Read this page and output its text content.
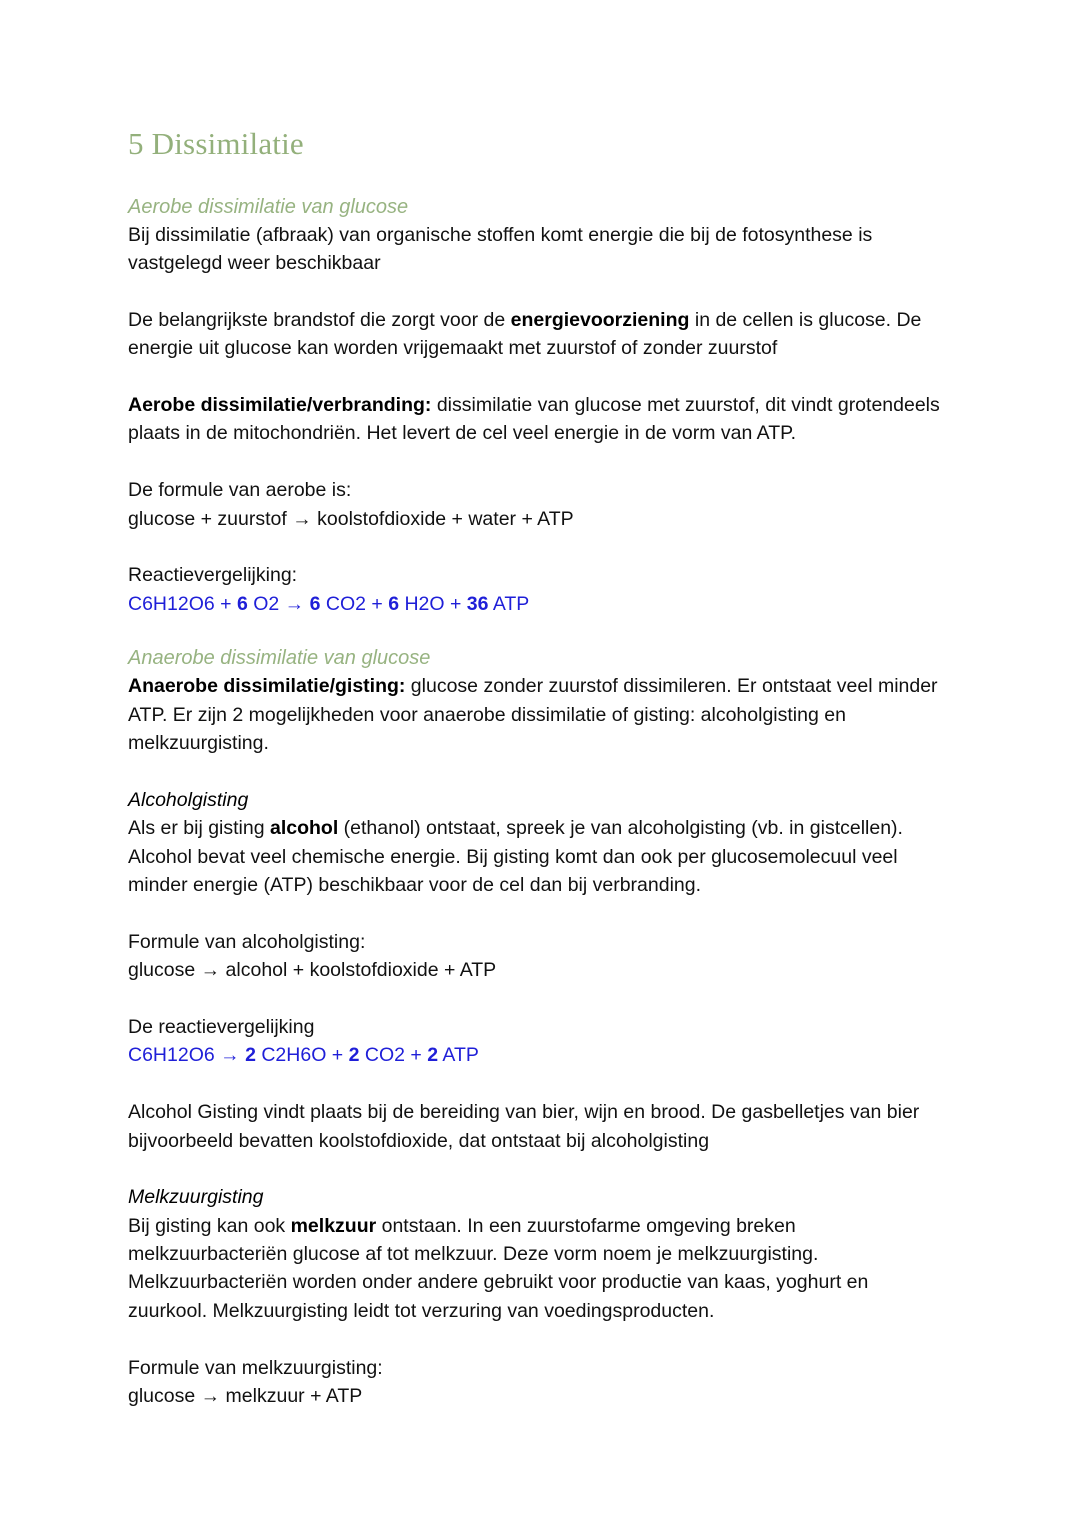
5 Dissimilatie
Aerobe dissimilatie van glucose

Bij dissimilatie (afbraak) van organische stoffen komt energie die bij de fotosynthese is vastgelegd weer beschikbaar

De belangrijkste brandstof die zorgt voor de energievoorziening in de cellen is glucose. De energie uit glucose kan worden vrijgemaakt met zuurstof of zonder zuurstof

Aerobe dissimilatie/verbranding: dissimilatie van glucose met zuurstof, dit vindt grotendeels plaats in de mitochondriën. Het levert de cel veel energie in de vorm van ATP.

De formule van aerobe is:

glucose + zuurstof → koolstofdioxide + water + ATP

Reactievergelijking:

C6H12O6 + 6 O2 → 6 CO2 + 6 H2O + 36 ATP

Anaerobe dissimilatie van glucose

Anaerobe dissimilatie/gisting: glucose zonder zuurstof dissimileren. Er ontstaat veel minder ATP. Er zijn 2 mogelijkheden voor anaerobe dissimilatie of gisting: alcoholgisting en melkzuurgisting.

Alcoholgisting

Als er bij gisting alcohol (ethanol) ontstaat, spreek je van alcoholgisting (vb. in gistcellen). Alcohol bevat veel chemische energie. Bij gisting komt dan ook per glucosemolecuul veel minder energie (ATP) beschikbaar voor de cel dan bij verbranding.

Formule van alcoholgisting:

glucose → alcohol + koolstofdioxide + ATP

De reactievergelijking

C6H12O6 → 2 C2H6O + 2 CO2 + 2 ATP

Alcohol Gisting vindt plaats bij de bereiding van bier, wijn en brood. De gasbelletjes van bier bijvoorbeeld bevatten koolstofdioxide, dat ontstaat bij alcoholgisting

Melkzuurgisting

Bij gisting kan ook melkzuur ontstaan. In een zuurstofarme omgeving breken melkzuurbacteriën glucose af tot melkzuur. Deze vorm noem je melkzuurgisting. Melkzuurbacteriën worden onder andere gebruikt voor productie van kaas, yoghurt en zuurkool. Melkzuurgisting leidt tot verzuring van voedingsproducten.

Formule van melkzuurgisting:

glucose → melkzuur + ATP
